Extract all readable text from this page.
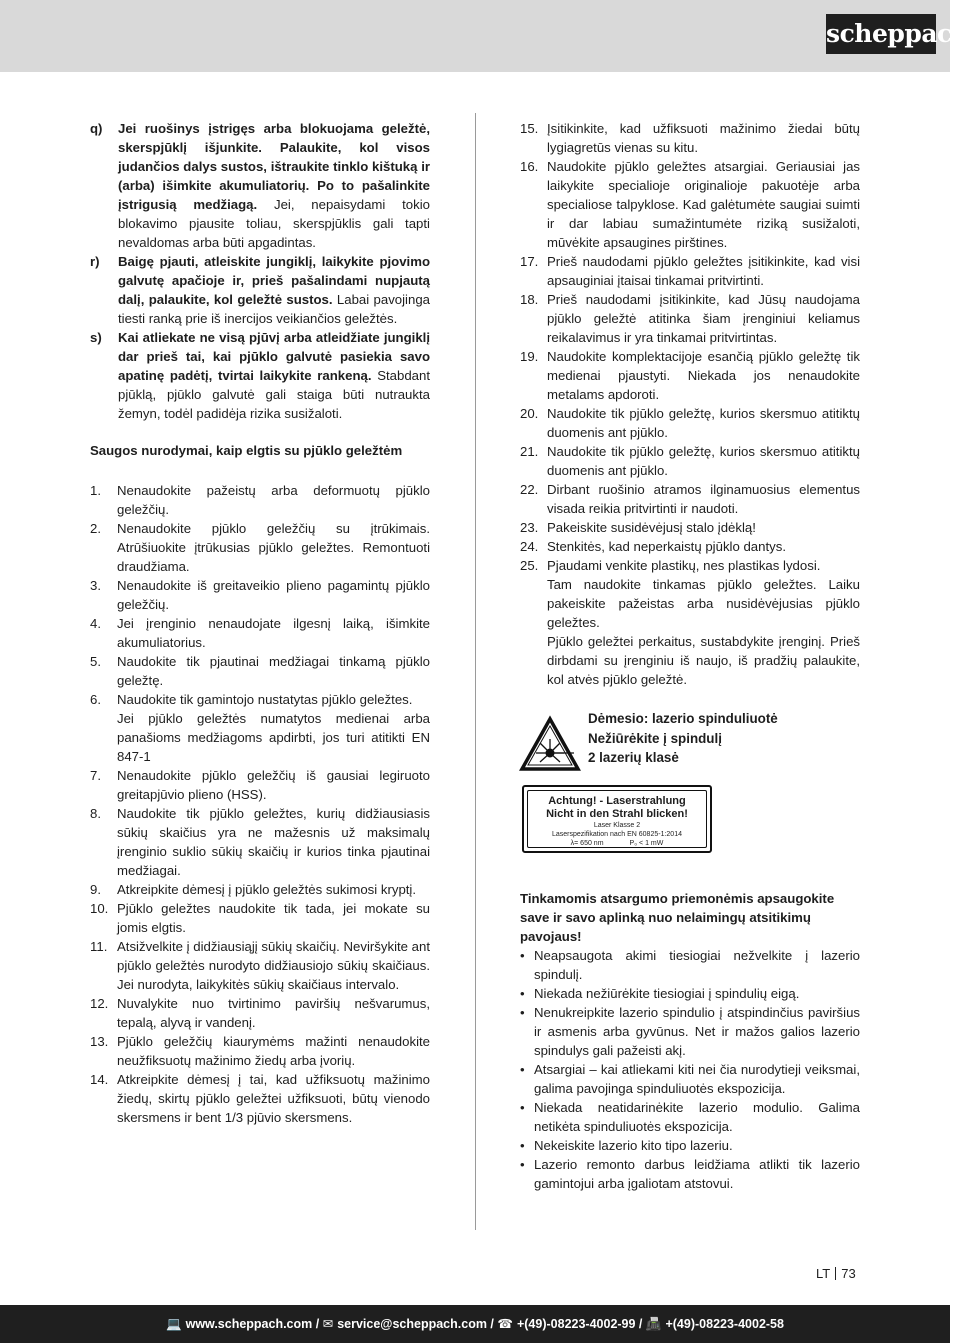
scheppach
q)	Jei ruošinys įstrigęs arba blokuojama geležtė, skerspjūklį išjunkite. Palaukite, kol visos judančios dalys sustos, ištraukite tinklo kištuką ir (arba) išimkite akumuliatorių. Po to pašalinkite įstrigusią medžiagą. Jei, nepaisydami tokio blokavimo pjausite toliau, skerspjūklis gali tapti nevaldomas arba būti apgadintas.
r)	Baigę pjauti, atleiskite jungiklį, laikykite pjovimo galvutę apačioje ir, prieš pašalindami nupjautą dalį, palaukite, kol geležtė sustos. Labai pavojinga tiesti ranką prie iš inercijos veikiančios geležtės.
s)	Kai atliekate ne visą pjūvį arba atleidžiate jungiklį dar prieš tai, kai pjūklo galvutė pasiekia savo apatinę padėtį, tvirtai laikykite rankeną. Stabdant pjūklą, pjūklo galvutė gali staiga būti nutraukta žemyn, todėl padidėja rizika susižaloti.
Saugos nurodymai, kaip elgtis su pjūklo geležtėm
1.	Nenaudokite pažeistų arba deformuotų pjūklo geležčių.
2.	Nenaudokite pjūklo geležčių su įtrūkimais. Atrūšiuokite įtrūkusias pjūklo geležtes. Remontuoti draudžiama.
3.	Nenaudokite iš greitaveikio plieno pagamintų pjūklo geležčių.
4.	Jei įrenginio nenaudojate ilgesnį laiką, išimkite akumuliatorius.
5.	Naudokite tik pjautinai medžiagai tinkamą pjūklo geležtę.
6.	Naudokite tik gamintojo nustatytas pjūklo geležtes.
Jei pjūklo geležtės numatytos medienai arba panašioms medžiagoms apdirbti, jos turi atitikti EN 847-1
7.	Nenaudokite pjūklo geležčių iš gausiai legiruoto greitapjūvio plieno (HSS).
8.	Naudokite tik pjūklo geležtes, kurių didžiausiasis sūkių skaičius yra ne mažesnis už maksimalų įrenginio suklio sūkių skaičių ir kurios tinka pjautinai medžiagai.
9.	Atkreipkite dėmesį į pjūklo geležtės sukimosi kryptį.
10. Pjūklo geležtes naudokite tik tada, jei mokate su jomis elgtis.
11. Atsižvelkite į didžiausiąjį sūkių skaičių. Neviršykite ant pjūklo geležtės nurodyto didžiausiojo sūkių skaičiaus. Jei nurodyta, laikykitės sūkių skaičiaus intervalo.
12. Nuvalykite nuo tvirtinimo paviršių nešvarumus, tepalą, alyvą ir vandenį.
13. Pjūklo geležčių kiaurymėms mažinti nenaudokite neužfiksuotų mažinimo žiedų arba įvorių.
14. Atkreipkite dėmesį į tai, kad užfiksuotų mažinimo žiedų, skirtų pjūklo geležtei užfiksuoti, būtų vienodo skersmens ir bent 1/3 pjūvio skersmens.
15. Įsitikinkite, kad užfiksuoti mažinimo žiedai būtų lygiagretūs vienas su kitu.
16. Naudokite pjūklo geležtes atsargiai. Geriausiai jas laikykite specialioje originalioje pakuotėje arba specialiose talpyklose. Kad galėtumėte saugiai suimti ir dar labiau sumažintumėte riziką susižaloti, mūvėkite apsaugines pirštines.
17. Prieš naudodami pjūklo geležtes įsitikinkite, kad visi apsauginiai įtaisai tinkamai pritvirtinti.
18. Prieš naudodami įsitikinkite, kad Jūsų naudojama pjūklo geležtė atitinka šiam įrenginiui keliamus reikalavimus ir yra tinkamai pritvirtintas.
19. Naudokite komplektacijoje esančią pjūklo geležtę tik medienai pjaustyti. Niekada jos nenaudokite metalams apdoroti.
20. Naudokite tik pjūklo geležtę, kurios skersmuo atitiktų duomenis ant pjūklo.
21. Naudokite tik pjūklo geležtę, kurios skersmuo atitiktų duomenis ant pjūklo.
22. Dirbant ruošinio atramos ilginamuosius elementus visada reikia pritvirtinti ir naudoti.
23. Pakeiskite susidėvėjusį stalo įdėklą!
24. Stenkitės, kad neperkaistų pjūklo dantys.
25. Pjaudami venkite plastikų, nes plastikas lydosi.
Tam naudokite tinkamas pjūklo geležtes. Laiku pakeiskite pažeistas arba nusidėvėjusias pjūklo geležtes.
Pjūklo geležtei perkaitus, sustabdykite įrenginį. Prieš dirbdami su įrenginiu iš naujo, iš pradžių palaukite, kol atvės pjūklo geležtė.
Dėmesio: lazerio spinduliuotė
Nežiūrėkite į spindulį
2 lazerių klasė
Achtung! - Laserstrahlung
Nicht in den Strahl blicken!
Laser Klasse 2
Laserspezifikation nach EN 60825-1:2014
λ= 650 nm	P₀ < 1 mW
Tinkamomis atsargumo priemonėmis apsaugokite save ir savo aplinką nuo nelaimingų atsitikimų pavojaus!
• Neapsaugota akimi tiesiogiai nežvelkite į lazerio spindulį.
• Niekada nežiūrėkite tiesiogiai į spindulių eigą.
• Nenukreipkite lazerio spindulio į atspindinčius paviršius ir asmenis arba gyvūnus. Net ir mažos galios lazerio spindulys gali pažeisti akį.
• Atsargiai – kai atliekami kiti nei čia nurodytieji veiksmai, galima pavojinga spinduliuotės ekspozicija.
• Niekada neatidarinėkite lazerio modulio. Galima netikėta spinduliuotės ekspozicija.
• Nekeiskite lazerio kito tipo lazeriu.
• Lazerio remonto darbus leidžiama atlikti tik lazerio gamintojui arba įgaliotam atstovui.
LT 73
💻 www.scheppach.com / ✉ service@scheppach.com / ☎ +(49)-08223-4002-99 / 📠 +(49)-08223-4002-58
